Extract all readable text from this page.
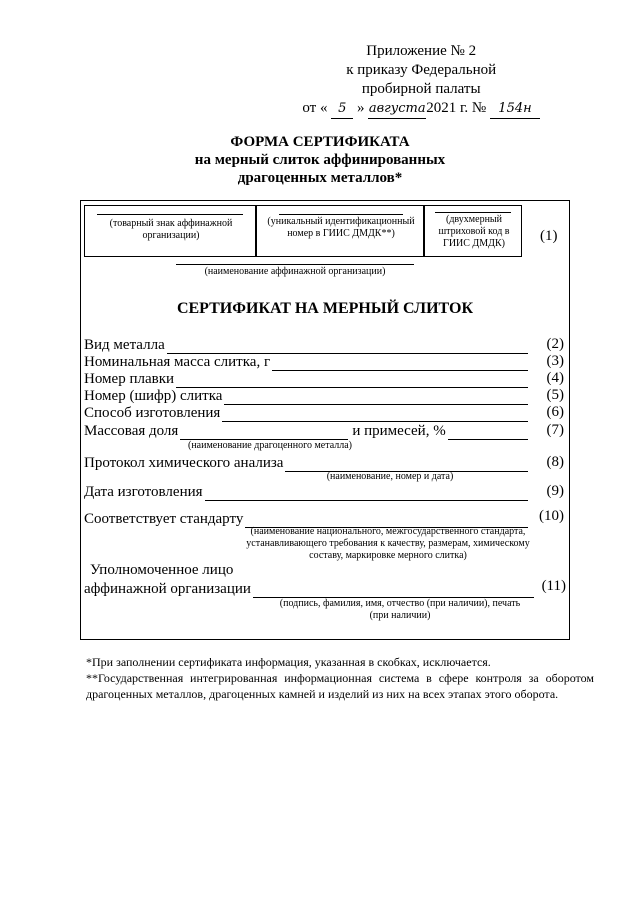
Приложение № 2
к приказу Федеральной
пробирной палаты
от « 5 » августа2021 г. № 154н
ФОРМА СЕРТИФИКАТА
на мерный слиток аффинированных
драгоценных металлов*
(товарный знак аффинажной организации)
(уникальный идентификационный номер в ГИИС ДМДК**)
(двухмерный штриховой код в ГИИС ДМДК)	(1)
(наименование аффинажной организации)
СЕРТИФИКАТ НА МЕРНЫЙ СЛИТОК
Вид металла	(2)
Номинальная масса слитка, г	(3)
Номер плавки	(4)
Номер (шифр) слитка	(5)
Способ изготовления	(6)
Массовая доля	и примесей, %	(7)
(наименование драгоценного металла)
Протокол химического анализа	(8)
(наименование, номер и дата)
Дата изготовления	(9)
Соответствует стандарту	(10)
(наименование национального, межгосударственного стандарта, устанавливающего требования к качеству, размерам, химическому составу, маркировке мерного слитка)
Уполномоченное лицо
аффинажной организации	(11)
(подпись, фамилия, имя, отчество (при наличии), печать (при наличии)
*При заполнении сертификата информация, указанная в скобках, исключается.
**Государственная интегрированная информационная система в сфере контроля за оборотом драгоценных металлов, драгоценных камней и изделий из них на всех этапах этого оборота.
